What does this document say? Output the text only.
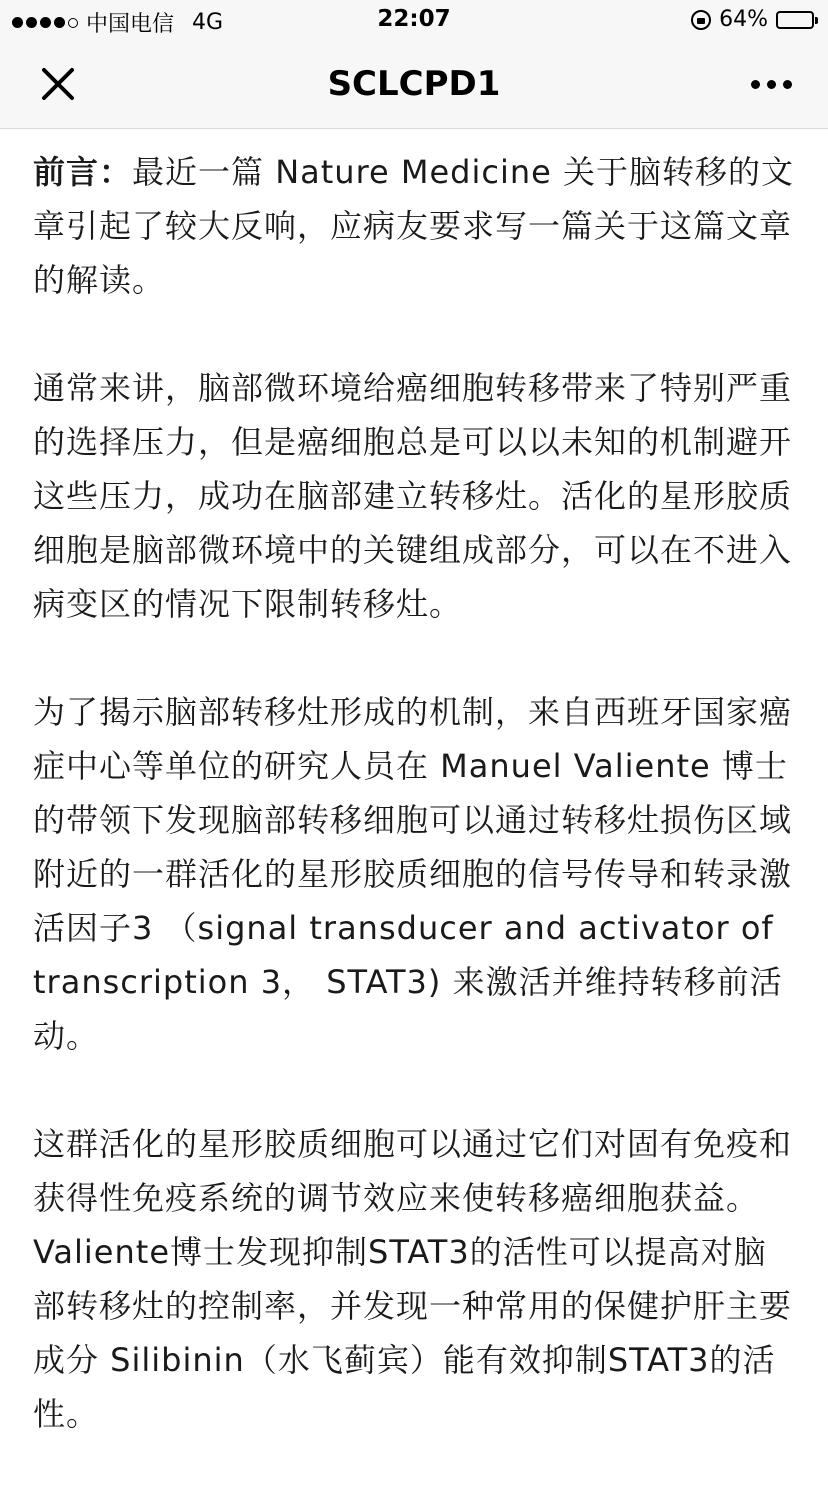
中国电信 4G	22:07	64%
SCLCPD1

前言：最近一篇 Nature Medicine 关于脑转移的文章引起了较大反响，应病友要求写一篇关于这篇文章的解读。

通常来讲，脑部微环境给癌细胞转移带来了特别严重的选择压力，但是癌细胞总是可以以未知的机制避开这些压力，成功在脑部建立转移灶。活化的星形胶质细胞是脑部微环境中的关键组成部分，可以在不进入病变区的情况下限制转移灶。

为了揭示脑部转移灶形成的机制，来自西班牙国家癌症中心等单位的研究人员在 Manuel Valiente 博士的带领下发现脑部转移细胞可以通过转移灶损伤区域附近的一群活化的星形胶质细胞的信号传导和转录激活因子3 （signal transducer and activator of transcription 3， STAT3) 来激活并维持转移前活动。

这群活化的星形胶质细胞可以通过它们对固有免疫和获得性免疫系统的调节效应来使转移癌细胞获益。Valiente博士发现抑制STAT3的活性可以提高对脑部转移灶的控制率，并发现一种常用的保健护肝主要成分 Silibinin（水飞蓟宾）能有效抑制STAT3的活性。
